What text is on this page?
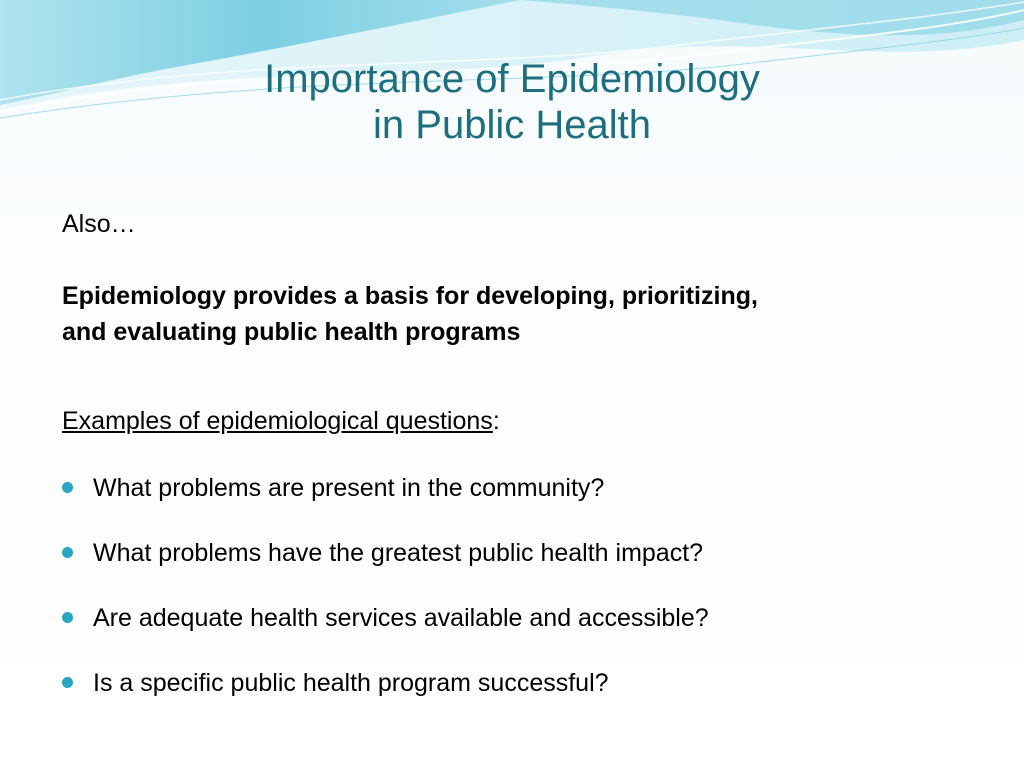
Importance of Epidemiology
in Public Health
Also…
Epidemiology provides a basis for developing, prioritizing,
and evaluating public health programs
Examples of epidemiological questions:
What problems are present in the community?
What problems have the greatest public health impact?
Are adequate health services available and accessible?
Is a specific public health program successful?
